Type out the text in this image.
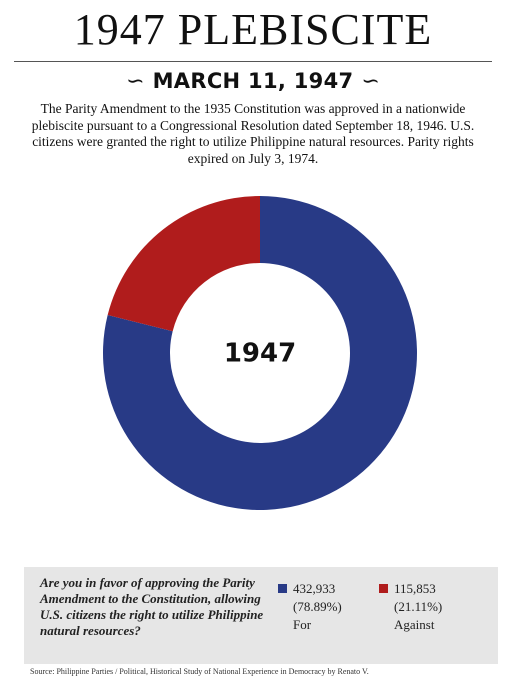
1947 PLEBISCITE
∽ MARCH 11, 1947 ∽
The Parity Amendment to the 1935 Constitution was approved in a nationwide plebiscite pursuant to a Congressional Resolution dated September 18, 1946. U.S. citizens were granted the right to utilize Philippine natural resources. Parity rights expired on July 3, 1974.
1947
Are you in favor of approving the Parity Amendment to the Constitution, allowing U.S. citizens the right to utilize Philippine natural resources?
432,933
(78.89%)
For
115,853
(21.11%)
Against
Source: Philippine Parties / Political, Historical Study of National Experience in Democracy by Renato V.
